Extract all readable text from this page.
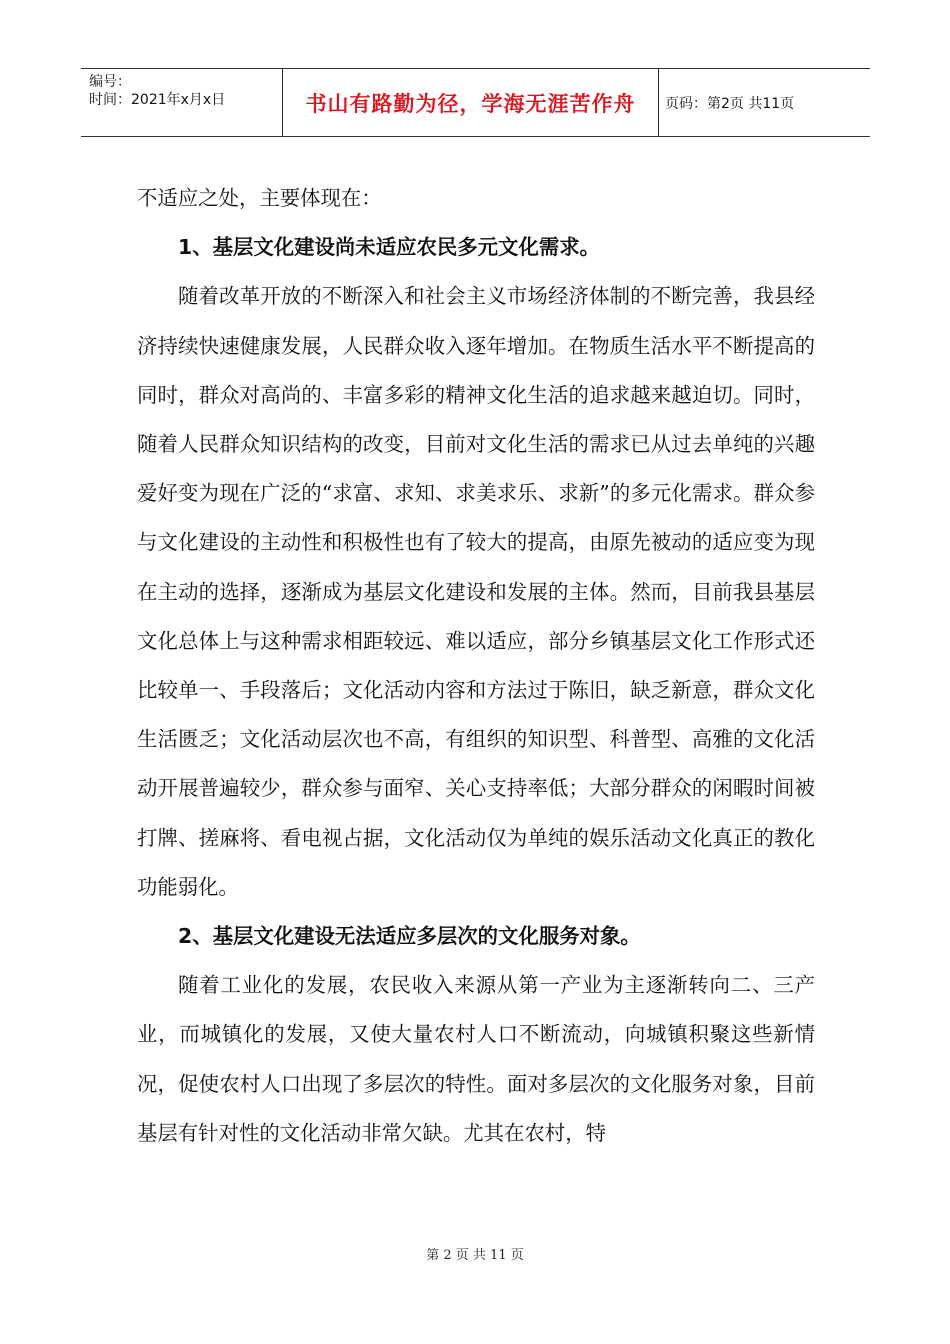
编号：
时间：2021年x月x日	书山有路勤为径，学海无涯苦作舟 页码：第2页 共11页

不适应之处，主要体现在：

1、基层文化建设尚未适应农民多元文化需求。

随着改革开放的不断深入和社会主义市场经济体制的不断完善，我县经济持续快速健康发展，人民群众收入逐年增加。在物质生活水平不断提高的同时，群众对高尚的、丰富多彩的精神文化生活的追求越来越迫切。同时，随着人民群众知识结构的改变，目前对文化生活的需求已从过去单纯的兴趣爱好变为现在广泛的“求富、求知、求美求乐、求新”的多元化需求。群众参与文化建设的主动性和积极性也有了较大的提高，由原先被动的适应变为现在主动的选择，逐渐成为基层文化建设和发展的主体。然而，目前我县基层文化总体上与这种需求相距较远、难以适应，部分乡镇基层文化工作形式还比较单一、手段落后；文化活动内容和方法过于陈旧，缺乏新意，群众文化生活匮乏；文化活动层次也不高，有组织的知识型、科普型、高雅的文化活动开展普遍较少，群众参与面窄、关心支持率低；大部分群众的闲暇时间被打牌、搓麻将、看电视占据，文化活动仅为单纯的娱乐活动文化真正的教化功能弱化。

2、基层文化建设无法适应多层次的文化服务对象。

随着工业化的发展，农民收入来源从第一产业为主逐渐转向二、三产业，而城镇化的发展，又使大量农村人口不断流动，向城镇积聚这些新情况，促使农村人口出现了多层次的特性。面对多层次的文化服务对象，目前基层有针对性的文化活动非常欠缺。尤其在农村，特

第 2 页 共 11 页
